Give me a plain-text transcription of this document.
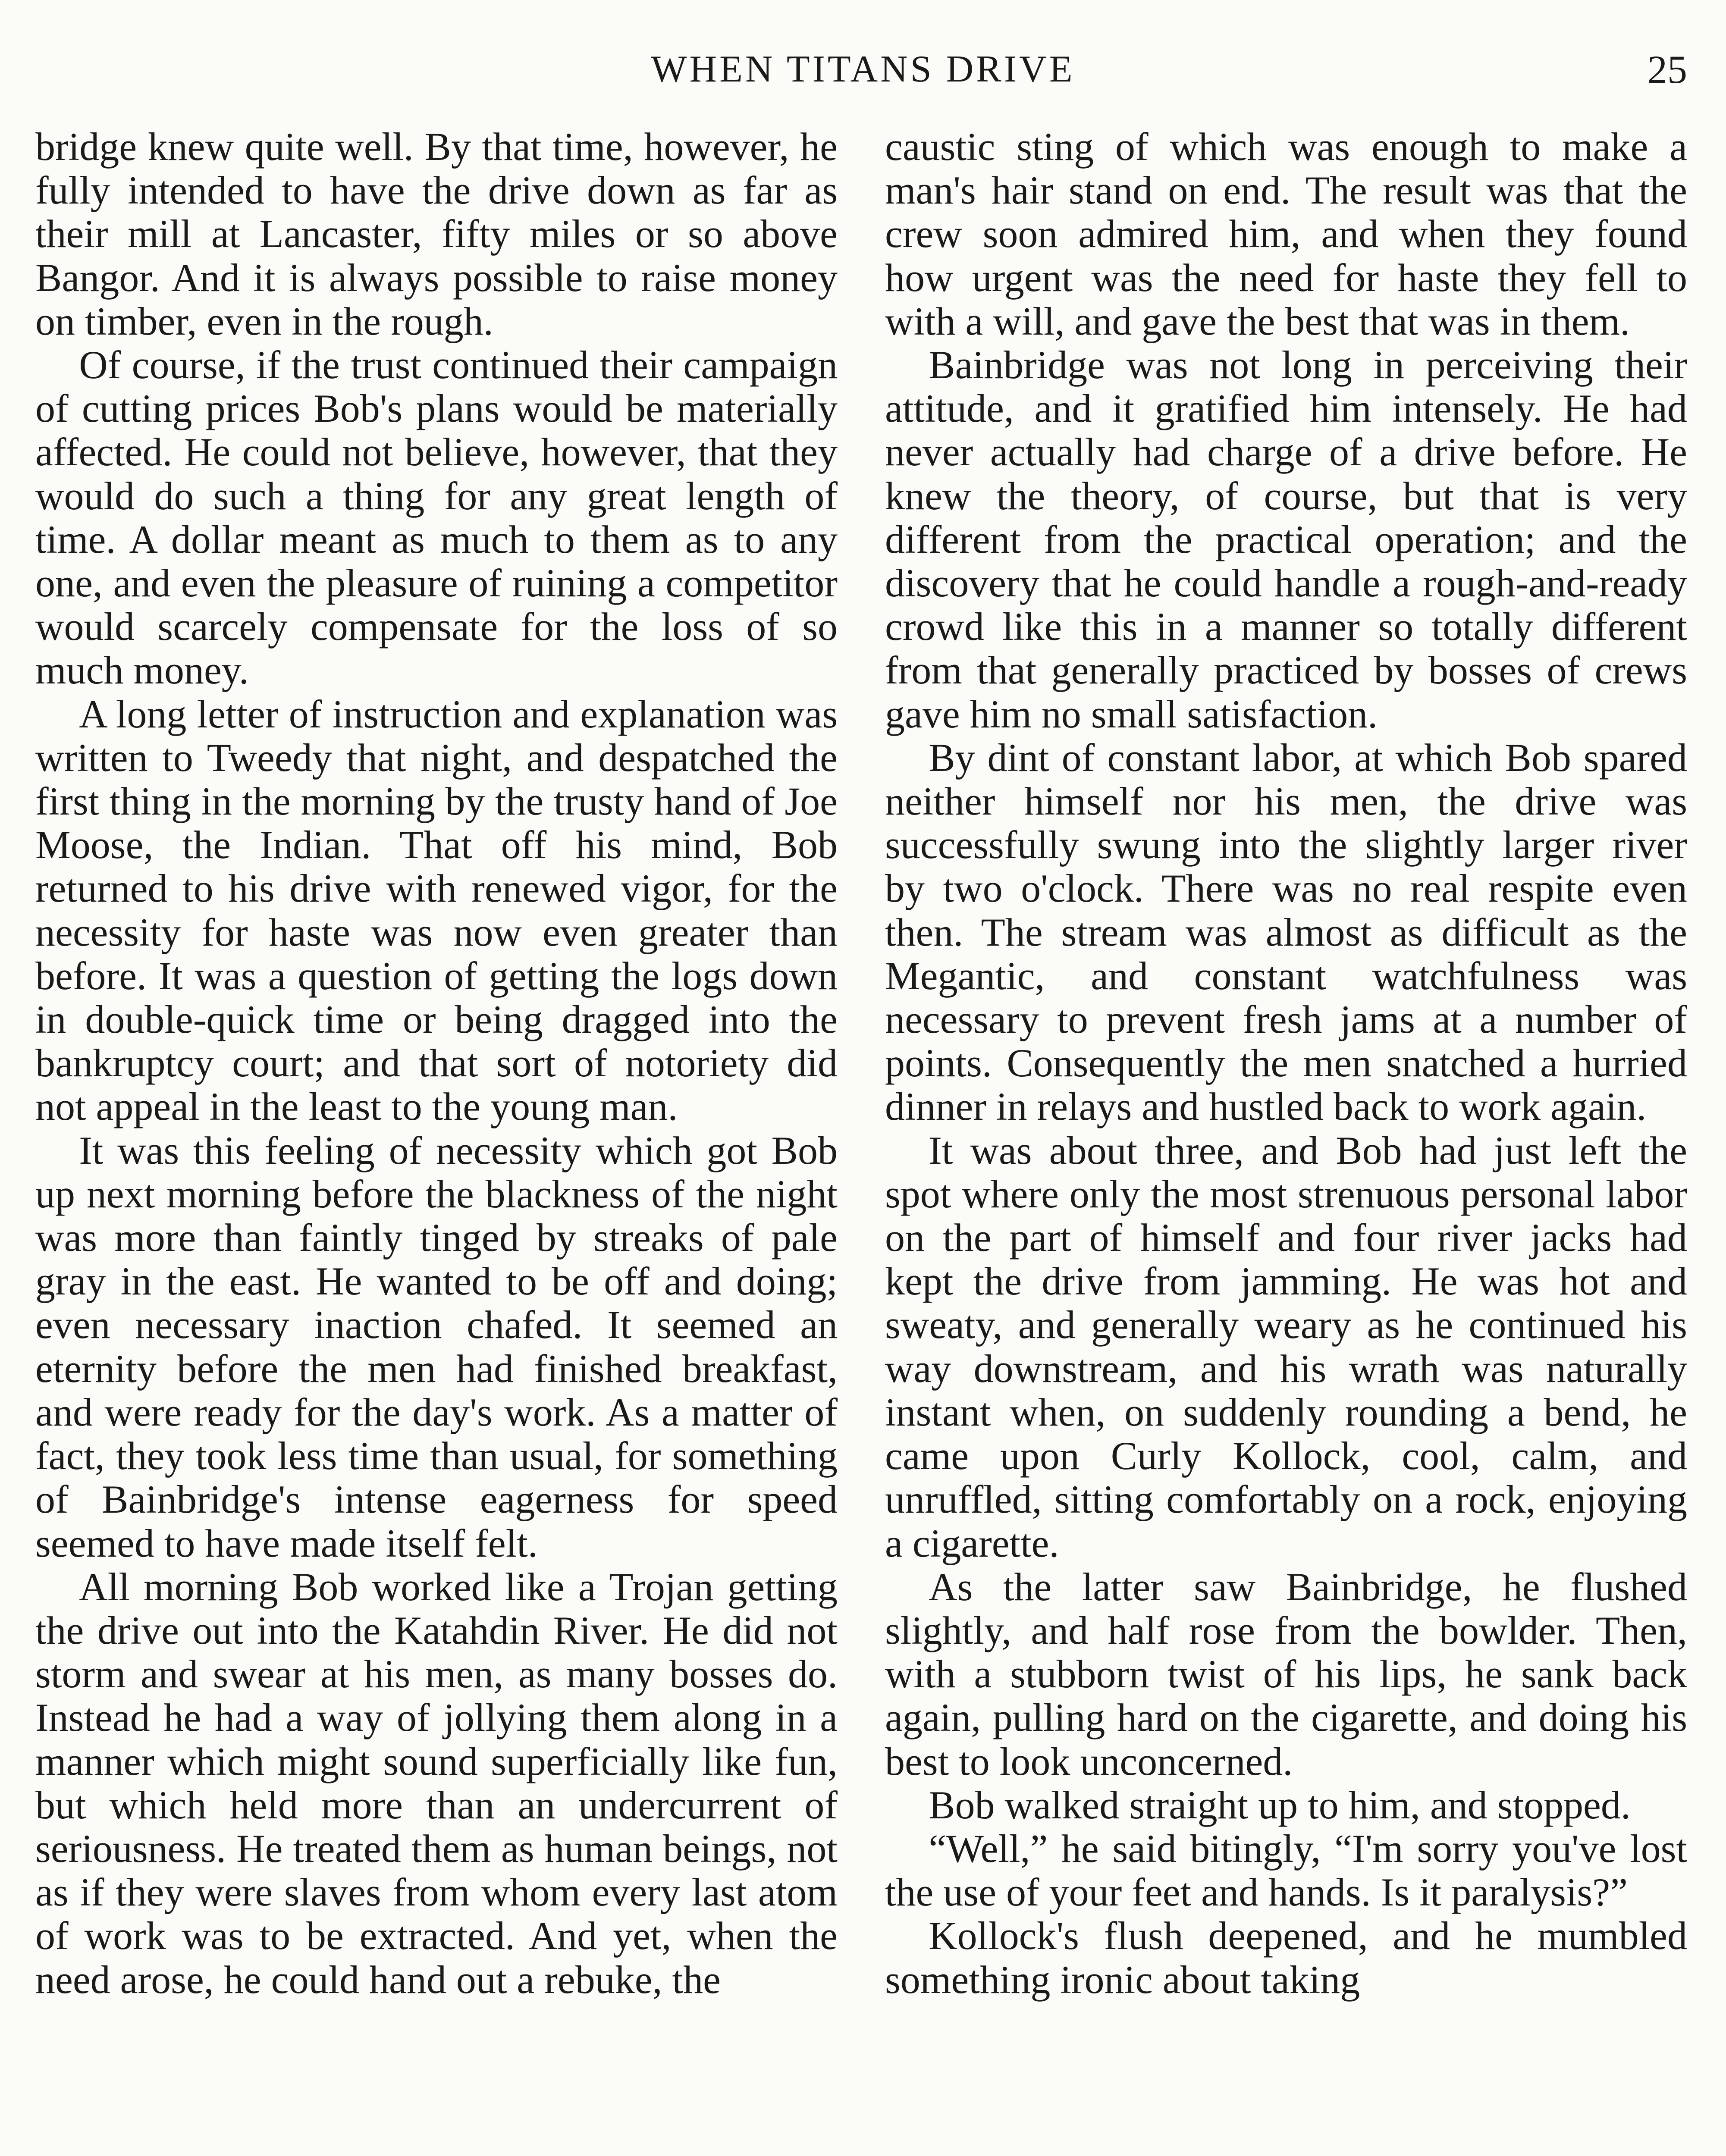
WHEN TITANS DRIVE	25

bridge knew quite well. By that time, however, he fully intended to have the drive down as far as their mill at Lancaster, fifty miles or so above Bangor. And it is always possible to raise money on timber, even in the rough.

Of course, if the trust continued their campaign of cutting prices Bob's plans would be materially affected. He could not believe, however, that they would do such a thing for any great length of time. A dollar meant as much to them as to any one, and even the pleasure of ruining a competitor would scarcely compensate for the loss of so much money.

A long letter of instruction and explanation was written to Tweedy that night, and despatched the first thing in the morning by the trusty hand of Joe Moose, the Indian. That off his mind, Bob returned to his drive with renewed vigor, for the necessity for haste was now even greater than before. It was a question of getting the logs down in double-quick time or being dragged into the bankruptcy court; and that sort of notoriety did not appeal in the least to the young man.

It was this feeling of necessity which got Bob up next morning before the blackness of the night was more than faintly tinged by streaks of pale gray in the east. He wanted to be off and doing; even necessary inaction chafed. It seemed an eternity before the men had finished breakfast, and were ready for the day's work. As a matter of fact, they took less time than usual, for something of Bainbridge's intense eagerness for speed seemed to have made itself felt.

All morning Bob worked like a Trojan getting the drive out into the Katahdin River. He did not storm and swear at his men, as many bosses do. Instead he had a way of jollying them along in a manner which might sound superficially like fun, but which held more than an undercurrent of seriousness. He treated them as human beings, not as if they were slaves from whom every last atom of work was to be extracted. And yet, when the need arose, he could hand out a rebuke, the

caustic sting of which was enough to make a man's hair stand on end. The result was that the crew soon admired him, and when they found how urgent was the need for haste they fell to with a will, and gave the best that was in them.

Bainbridge was not long in perceiving their attitude, and it gratified him intensely. He had never actually had charge of a drive before. He knew the theory, of course, but that is very different from the practical operation; and the discovery that he could handle a rough-and-ready crowd like this in a manner so totally different from that generally practiced by bosses of crews gave him no small satisfaction.

By dint of constant labor, at which Bob spared neither himself nor his men, the drive was successfully swung into the slightly larger river by two o'clock. There was no real respite even then. The stream was almost as difficult as the Megantic, and constant watchfulness was necessary to prevent fresh jams at a number of points. Consequently the men snatched a hurried dinner in relays and hustled back to work again.

It was about three, and Bob had just left the spot where only the most strenuous personal labor on the part of himself and four river jacks had kept the drive from jamming. He was hot and sweaty, and generally weary as he continued his way downstream, and his wrath was naturally instant when, on suddenly rounding a bend, he came upon Curly Kollock, cool, calm, and unruffled, sitting comfortably on a rock, enjoying a cigarette.

As the latter saw Bainbridge, he flushed slightly, and half rose from the bowlder. Then, with a stubborn twist of his lips, he sank back again, pulling hard on the cigarette, and doing his best to look unconcerned.

Bob walked straight up to him, and stopped.

“Well,” he said bitingly, “I'm sorry you've lost the use of your feet and hands. Is it paralysis?”

Kollock's flush deepened, and he mumbled something ironic about taking
